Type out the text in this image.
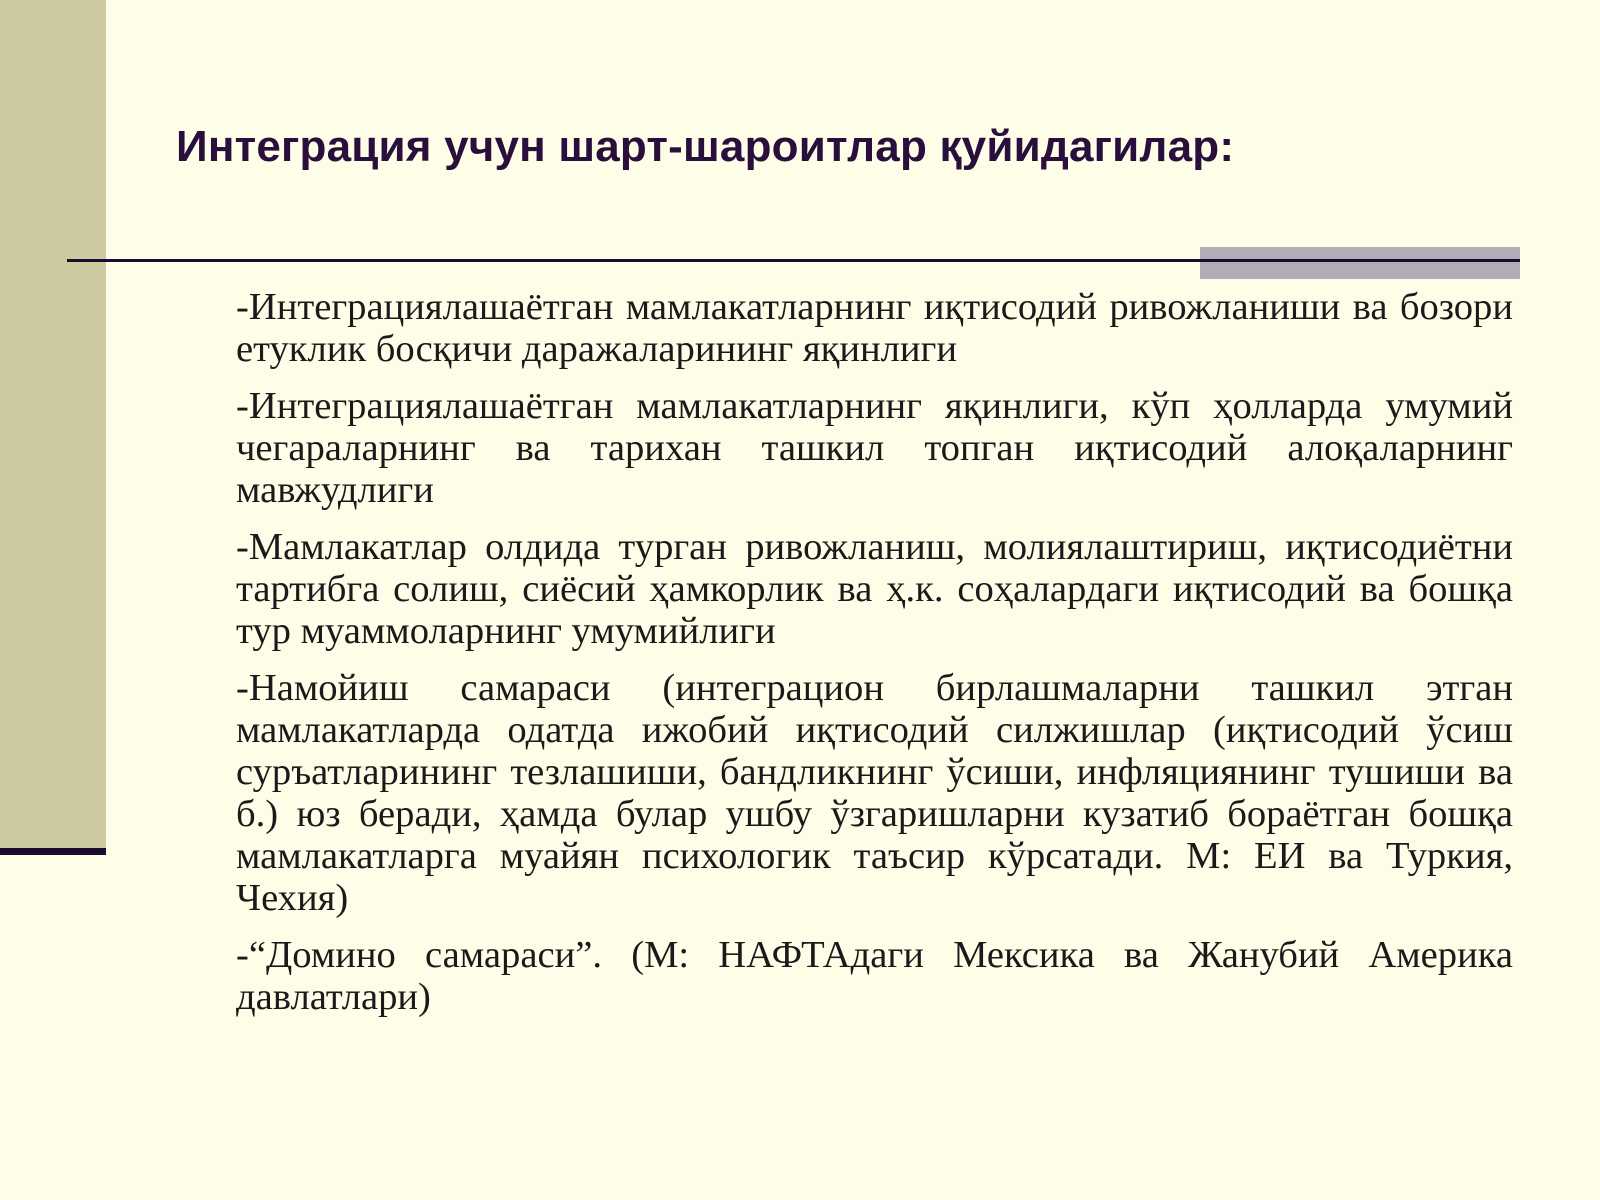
Интеграция учун шарт-шароитлар қуйидагилар:

-Интеграциялашаётган мамлакатларнинг иқтисодий ривожланиши ва бозори етуклик босқичи даражаларининг яқинлиги

-Интеграциялашаётган мамлакатларнинг яқинлиги, кўп ҳолларда умумий чегараларнинг ва тарихан ташкил топган иқтисодий алоқаларнинг мавжудлиги

-Мамлакатлар олдида турган ривожланиш, молиялаштириш, иқтисодиётни тартибга солиш, сиёсий ҳамкорлик ва ҳ.к. соҳалардаги иқтисодий ва бошқа тур муаммоларнинг умумийлиги

-Намойиш самараси (интеграцион бирлашмаларни ташкил этган мамлакатларда одатда ижобий иқтисодий силжишлар (иқтисодий ўсиш суръатларининг тезлашиши, бандликнинг ўсиши, инфляциянинг тушиши ва б.) юз беради, ҳамда булар ушбу ўзгаришларни кузатиб бораётган бошқа мамлакатларга муайян психологик таъсир кўрсатади. М: ЕИ ва Туркия, Чехия)

-“Домино самараси”. (М: НАФТАдаги Мексика ва Жанубий Америка давлатлари)
